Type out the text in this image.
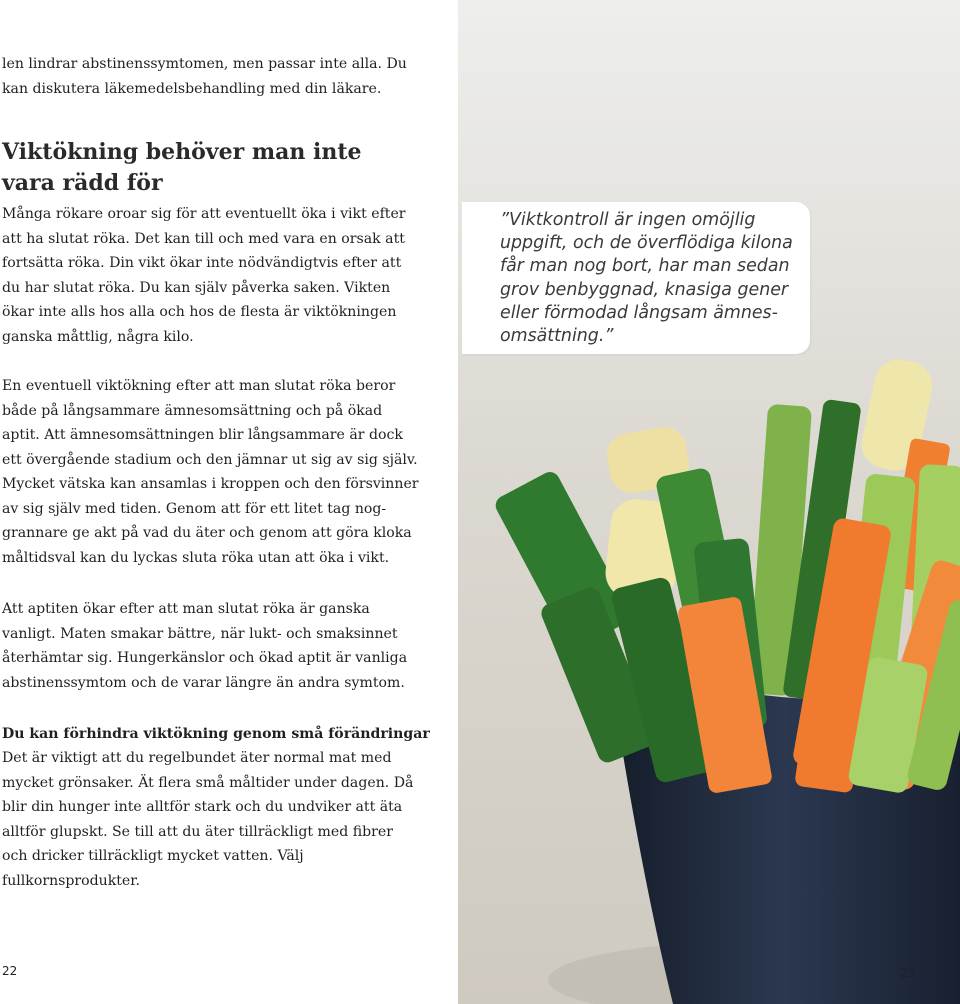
len lindrar abstinenssymtomen, men passar inte alla. Du kan diskutera läkemedelsbehandling med din läkare.

Viktökning behöver man inte vara rädd för

Många rökare oroar sig för att eventuellt öka i vikt efter att ha slutat röka. Det kan till och med vara en orsak att fortsätta röka. Din vikt ökar inte nödvändigtvis efter att du har slutat röka. Du kan själv påverka saken. Vikten ökar inte alls hos alla och hos de flesta är viktökningen ganska måttlig, några kilo.

En eventuell viktökning efter att man slutat röka beror både på långsammare ämnesomsättning och på ökad aptit. Att ämnesomsättningen blir långsammare är dock ett övergående stadium och den jämnar ut sig av sig själv. Mycket vätska kan ansamlas i kroppen och den försvinner av sig själv med tiden. Genom att för ett litet tag nog-grannare ge akt på vad du äter och genom att göra kloka måltidsval kan du lyckas sluta röka utan att öka i vikt.

Att aptiten ökar efter att man slutat röka är ganska vanligt. Maten smakar bättre, när lukt- och smaksinnet återhämtar sig. Hungerkänslor och ökad aptit är vanliga abstinenssymtom och de varar längre än andra symtom.

Du kan förhindra viktökning genom små förändringar

Det är viktigt att du regelbundet äter normal mat med mycket grönsaker. Ät flera små måltider under dagen. Då blir din hunger inte alltför stark och du undviker att äta alltför glupskt. Se till att du äter tillräckligt med fibrer och dricker tillräckligt mycket vatten. Välj fullkornsprodukter.

22

”Viktkontroll är ingen omöjlig uppgift, och de överflödiga kilona får man nog bort, har man sedan grov benbyggnad, knasiga gener eller förmodad långsam ämnes-omsättning.”

23
